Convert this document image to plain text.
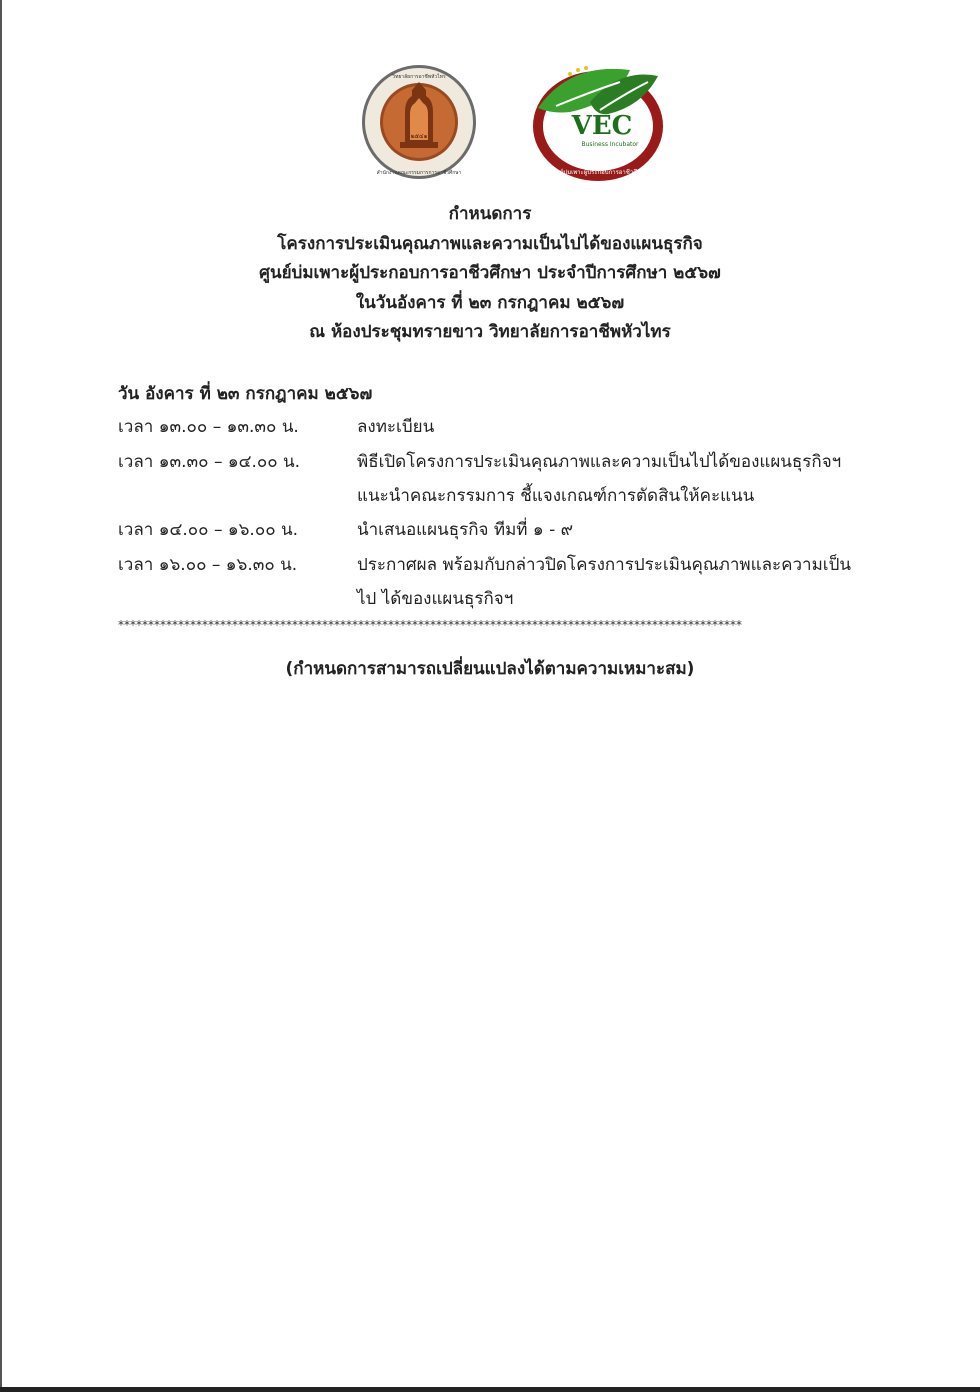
๒๕๔๑
วิทยาลัยการอาชีพหัวไทร
สำนักงานคณะกรรมการการอาชีวศึกษา
VEC
Business Incubator
ศูนย์บ่มเพาะผู้ประกอบการอาชีวศึกษา
กำหนดการ
โครงการประเมินคุณภาพและความเป็นไปได้ของแผนธุรกิจ
ศูนย์บ่มเพาะผู้ประกอบการอาชีวศึกษา ประจำปีการศึกษา ๒๕๖๗
ในวันอังคาร ที่ ๒๓ กรกฎาคม ๒๕๖๗
ณ ห้องประชุมทรายขาว วิทยาลัยการอาชีพหัวไทร
วัน อังคาร ที่ ๒๓ กรกฎาคม ๒๕๖๗
เวลา ๑๓.๐๐ – ๑๓.๓๐ น.	ลงทะเบียน
เวลา ๑๓.๓๐ – ๑๔.๐๐ น.	พิธีเปิดโครงการประเมินคุณภาพและความเป็นไปได้ของแผนธุรกิจฯ แนะนำคณะกรรมการ ชี้แจงเกณฑ์การตัดสินให้คะแนน
เวลา ๑๔.๐๐ – ๑๖.๐๐ น.	นำเสนอแผนธุรกิจ ทีมที่ ๑ - ๙
เวลา ๑๖.๐๐ – ๑๖.๓๐ น.	ประกาศผล พร้อมกับกล่าวปิดโครงการประเมินคุณภาพและความเป็นไป ได้ของแผนธุรกิจฯ
********************************************************************************************************
(กำหนดการสามารถเปลี่ยนแปลงได้ตามความเหมาะสม)
